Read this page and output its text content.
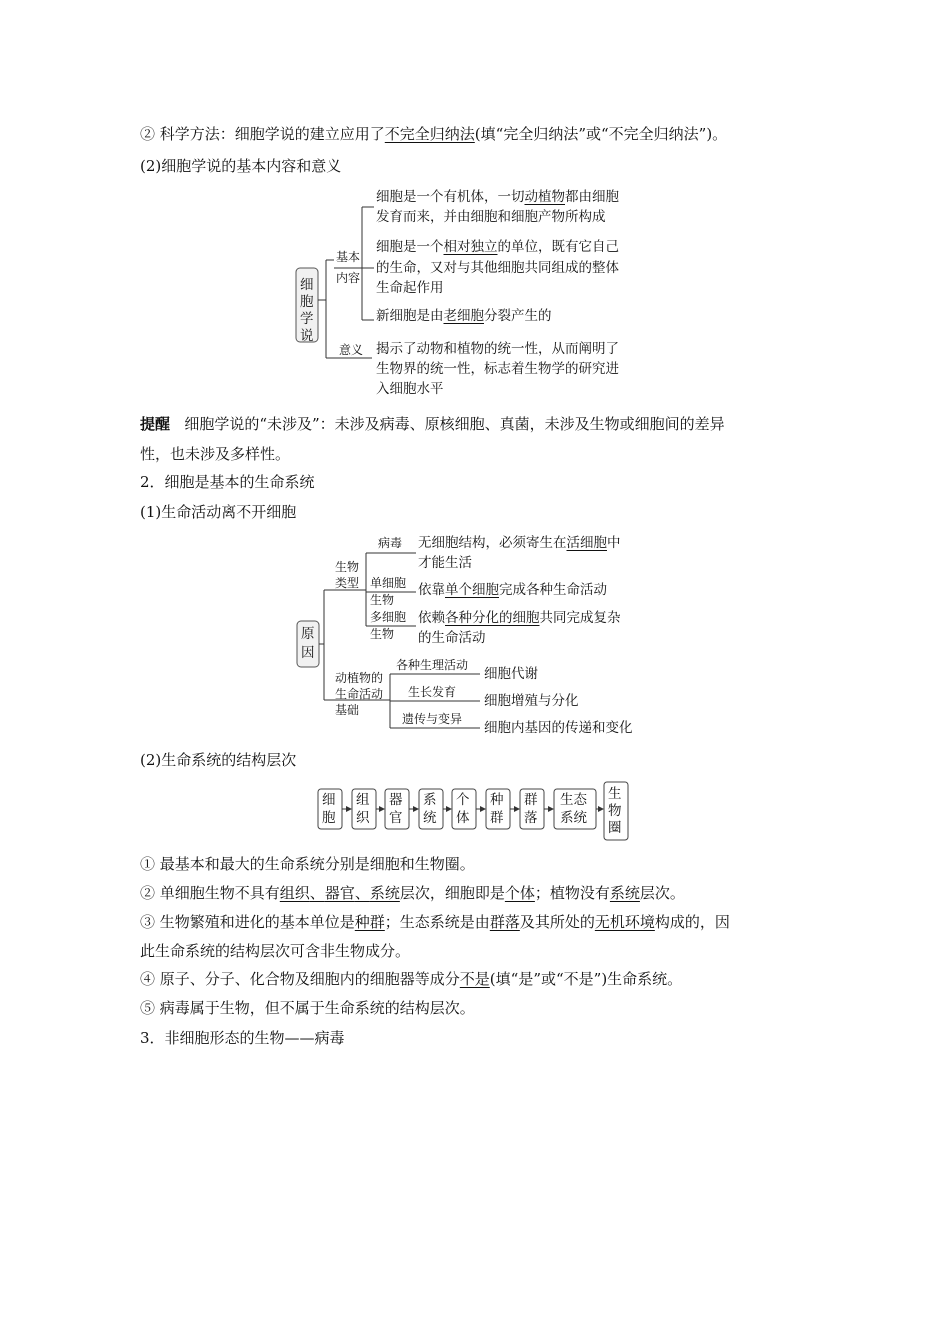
② 科学方法：细胞学说的建立应用了不完全归纳法(填“完全归纳法”或“不完全归纳法”)。
(2)细胞学说的基本内容和意义
细
胞
学
说
基本
内容
意义
细胞是一个有机体，一切动植物都由细胞
发育而来，并由细胞和细胞产物所构成
细胞是一个相对独立的单位，既有它自己
的生命，又对与其他细胞共同组成的整体
生命起作用
新细胞是由老细胞分裂产生的
揭示了动物和植物的统一性，从而阐明了
生物界的统一性，标志着生物学的研究进
入细胞水平
提醒 细胞学说的“未涉及”：未涉及病毒、原核细胞、真菌，未涉及生物或细胞间的差异
性，也未涉及多样性。
2．细胞是基本的生命系统
(1)生命活动离不开细胞
原
因
生物
类型
病毒 无细胞结构，必须寄生在活细胞中
才能生活
单细胞
生物
依靠单个细胞完成各种生命活动
多细胞
生物
依赖各种分化的细胞共同完成复杂
的生命活动
动植物的
生命活动
基础
各种生理活动
细胞代谢
生长发育
细胞增殖与分化
遗传与变异
细胞内基因的传递和变化
(2)生命系统的结构层次
细
胞
组
织
器
官
系
统
个
体
种
群
群
落
生态
系统
生
物
圈
① 最基本和最大的生命系统分别是细胞和生物圈。
② 单细胞生物不具有组织、器官、系统层次，细胞即是个体；植物没有系统层次。
③ 生物繁殖和进化的基本单位是种群；生态系统是由群落及其所处的无机环境构成的，因
此生命系统的结构层次可含非生物成分。
④ 原子、分子、化合物及细胞内的细胞器等成分不是(填“是”或“不是”)生命系统。
⑤ 病毒属于生物，但不属于生命系统的结构层次。
3．非细胞形态的生物——病毒
